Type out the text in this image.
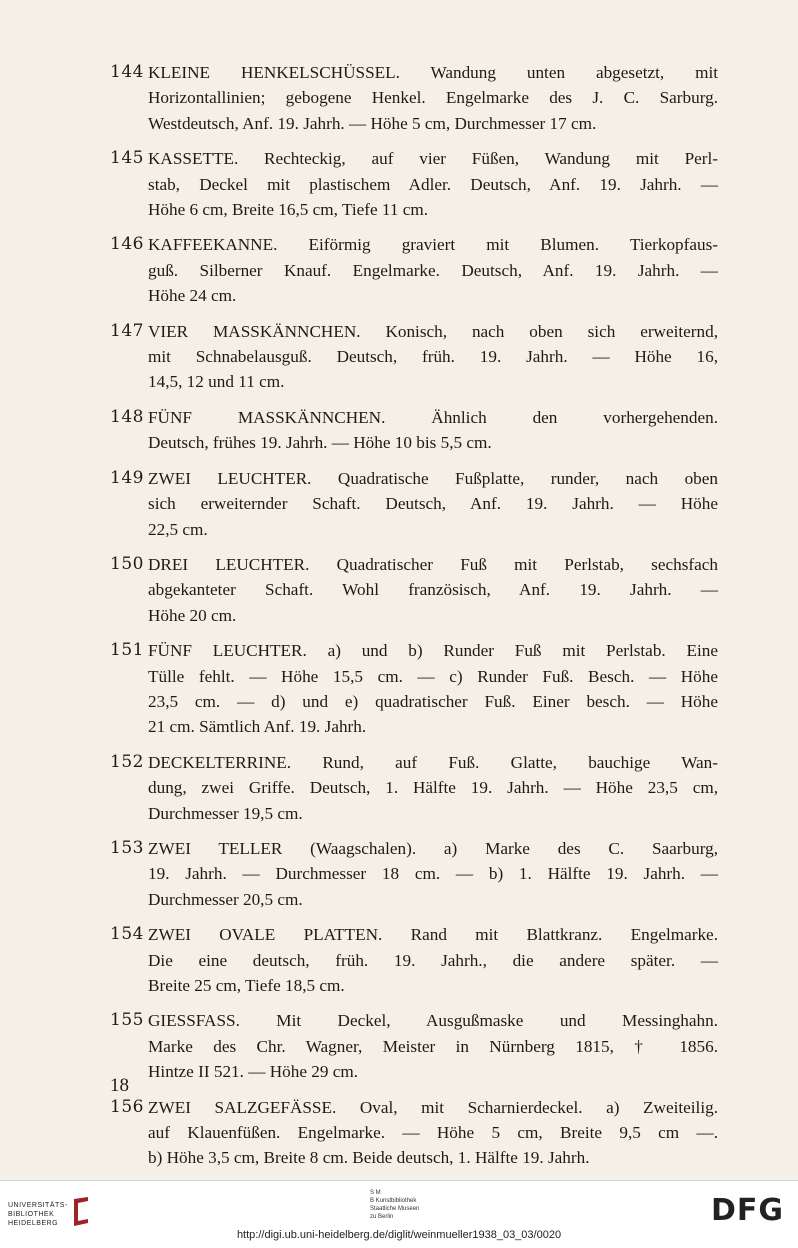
144 KLEINE HENKELSCHÜSSEL. Wandung unten abgesetzt, mit
Horizontallinien; gebogene Henkel. Engelmarke des J. C. Sarburg.
Westdeutsch, Anf. 19. Jahrh. — Höhe 5 cm, Durchmesser 17 cm.
145 KASSETTE. Rechteckig, auf vier Füßen, Wandung mit Perl-
stab, Deckel mit plastischem Adler. Deutsch, Anf. 19. Jahrh. —
Höhe 6 cm, Breite 16,5 cm, Tiefe 11 cm.
146 KAFFEEKANNE. Eiförmig graviert mit Blumen. Tierkopfaus-
guß. Silberner Knauf. Engelmarke. Deutsch, Anf. 19. Jahrh. —
Höhe 24 cm.
147 VIER MASSKÄNNCHEN. Konisch, nach oben sich erweiternd,
mit Schnabelausguß. Deutsch, früh. 19. Jahrh. — Höhe 16,
14,5, 12 und 11 cm.
148 FÜNF MASSKÄNNCHEN. Ähnlich den vorhergehenden.
Deutsch, frühes 19. Jahrh. — Höhe 10 bis 5,5 cm.
149 ZWEI LEUCHTER. Quadratische Fußplatte, runder, nach oben
sich erweiternder Schaft. Deutsch, Anf. 19. Jahrh. — Höhe
22,5 cm.
150 DREI LEUCHTER. Quadratischer Fuß mit Perlstab, sechsfach
abgekanteter Schaft. Wohl französisch, Anf. 19. Jahrh. —
Höhe 20 cm.
151 FÜNF LEUCHTER. a) und b) Runder Fuß mit Perlstab. Eine
Tülle fehlt. — Höhe 15,5 cm. — c) Runder Fuß. Besch. — Höhe
23,5 cm. — d) und e) quadratischer Fuß. Einer besch. — Höhe
21 cm. Sämtlich Anf. 19. Jahrh.
152 DECKELTERRINE. Rund, auf Fuß. Glatte, bauchige Wan-
dung, zwei Griffe. Deutsch, 1. Hälfte 19. Jahrh. — Höhe 23,5 cm,
Durchmesser 19,5 cm.
153 ZWEI TELLER (Waagschalen). a) Marke des C. Saarburg,
19. Jahrh. — Durchmesser 18 cm. — b) 1. Hälfte 19. Jahrh. —
Durchmesser 20,5 cm.
154 ZWEI OVALE PLATTEN. Rand mit Blattkranz. Engelmarke.
Die eine deutsch, früh. 19. Jahrh., die andere später. —
Breite 25 cm, Tiefe 18,5 cm.
155 GIESSFASS. Mit Deckel, Ausgußmaske und Messinghahn.
Marke des Chr. Wagner, Meister in Nürnberg 1815, † 1856.
Hintze II 521. — Höhe 29 cm.
156 ZWEI SALZGEFÄSSE. Oval, mit Scharnierdeckel. a) Zweiteilig.
auf Klauenfüßen. Engelmarke. — Höhe 5 cm, Breite 9,5 cm —.
b) Höhe 3,5 cm, Breite 8 cm. Beide deutsch, 1. Hälfte 19. Jahrh.
18
UNIVERSITÄTS-
BIBLIOTHEK
HEIDELBERG
S M
B Kunstbibliothek
Staatliche Museen
zu Berlin	DFG
http://digi.ub.uni-heidelberg.de/diglit/weinmueller1938_03_03/0020
